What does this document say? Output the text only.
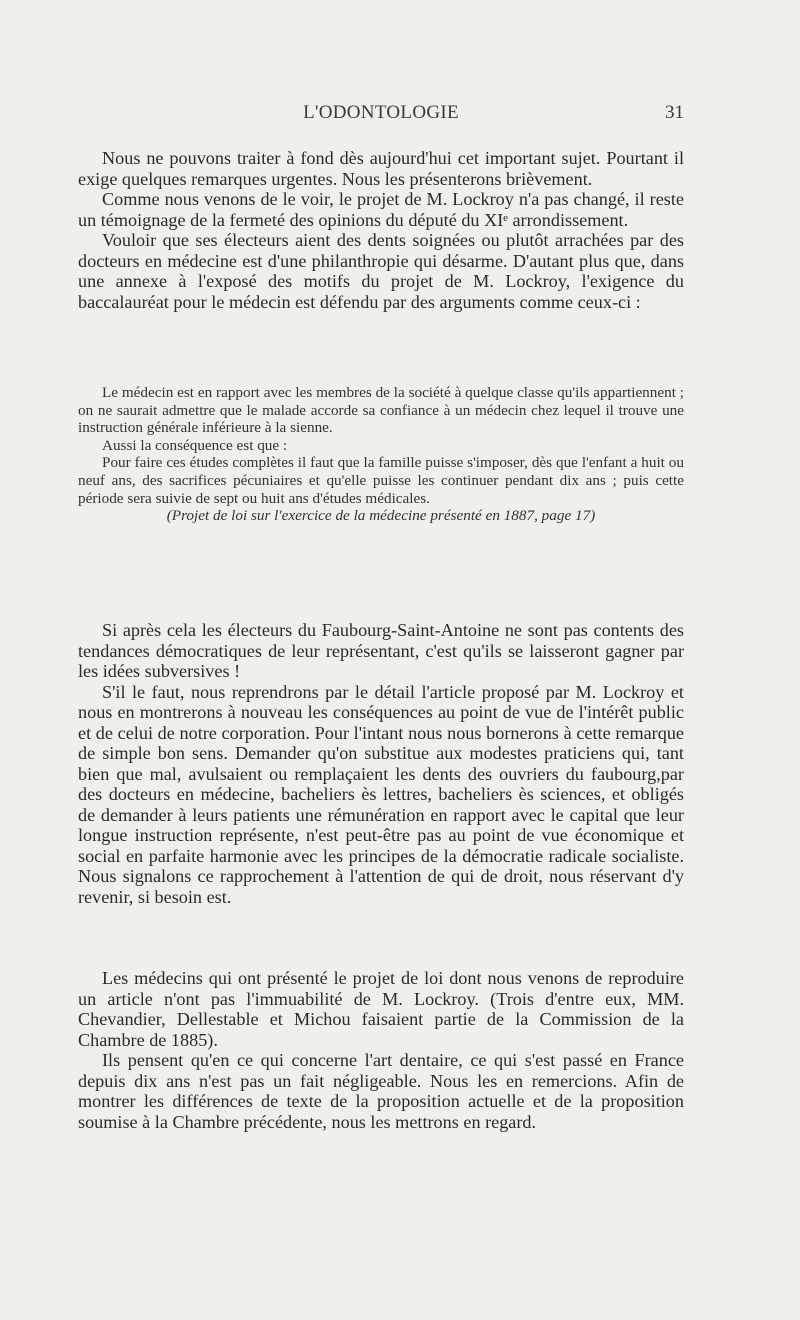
L'ODONTOLOGIE	31

Nous ne pouvons traiter à fond dès aujourd'hui cet important sujet. Pourtant il exige quelques remarques urgentes. Nous les présenterons brièvement.

Comme nous venons de le voir, le projet de M. Lockroy n'a pas changé, il reste un témoignage de la fermeté des opinions du député du XIᵉ arrondissement.

Vouloir que ses électeurs aient des dents soignées ou plutôt arrachées par des docteurs en médecine est d'une philanthropie qui désarme. D'autant plus que, dans une annexe à l'exposé des motifs du projet de M. Lockroy, l'exigence du baccalauréat pour le médecin est défendu par des arguments comme ceux-ci :

Le médecin est en rapport avec les membres de la société à quelque classe qu'ils appartiennent ; on ne saurait admettre que le malade accorde sa confiance à un médecin chez lequel il trouve une instruction générale inférieure à la sienne.

Aussi la conséquence est que :

Pour faire ces études complètes il faut que la famille puisse s'imposer, dès que l'enfant a huit ou neuf ans, des sacrifices pécuniaires et qu'elle puisse les continuer pendant dix ans ; puis cette période sera suivie de sept ou huit ans d'études médicales.

(Projet de loi sur l'exercice de la médecine présenté en 1887, page 17)

Si après cela les électeurs du Faubourg-Saint-Antoine ne sont pas contents des tendances démocratiques de leur représentant, c'est qu'ils se laisseront gagner par les idées subversives !

S'il le faut, nous reprendrons par le détail l'article proposé par M. Lockroy et nous en montrerons à nouveau les conséquences au point de vue de l'intérêt public et de celui de notre corporation. Pour l'intant nous nous bornerons à cette remarque de simple bon sens. Demander qu'on substitue aux modestes praticiens qui, tant bien que mal, avulsaient ou remplaçaient les dents des ouvriers du faubourg,par des docteurs en médecine, bacheliers ès lettres, bacheliers ès sciences, et obligés de demander à leurs patients une rémunération en rapport avec le capital que leur longue instruction représente, n'est peut-être pas au point de vue économique et social en parfaite harmonie avec les principes de la démocratie radicale socialiste. Nous signalons ce rapprochement à l'attention de qui de droit, nous réservant d'y revenir, si besoin est.

Les médecins qui ont présenté le projet de loi dont nous venons de reproduire un article n'ont pas l'immuabilité de M. Lockroy. (Trois d'entre eux, MM. Chevandier, Dellestable et Michou faisaient partie de la Commission de la Chambre de 1885).

Ils pensent qu'en ce qui concerne l'art dentaire, ce qui s'est passé en France depuis dix ans n'est pas un fait négligeable. Nous les en remercions. Afin de montrer les différences de texte de la proposition actuelle et de la proposition soumise à la Chambre précédente, nous les mettrons en regard.
